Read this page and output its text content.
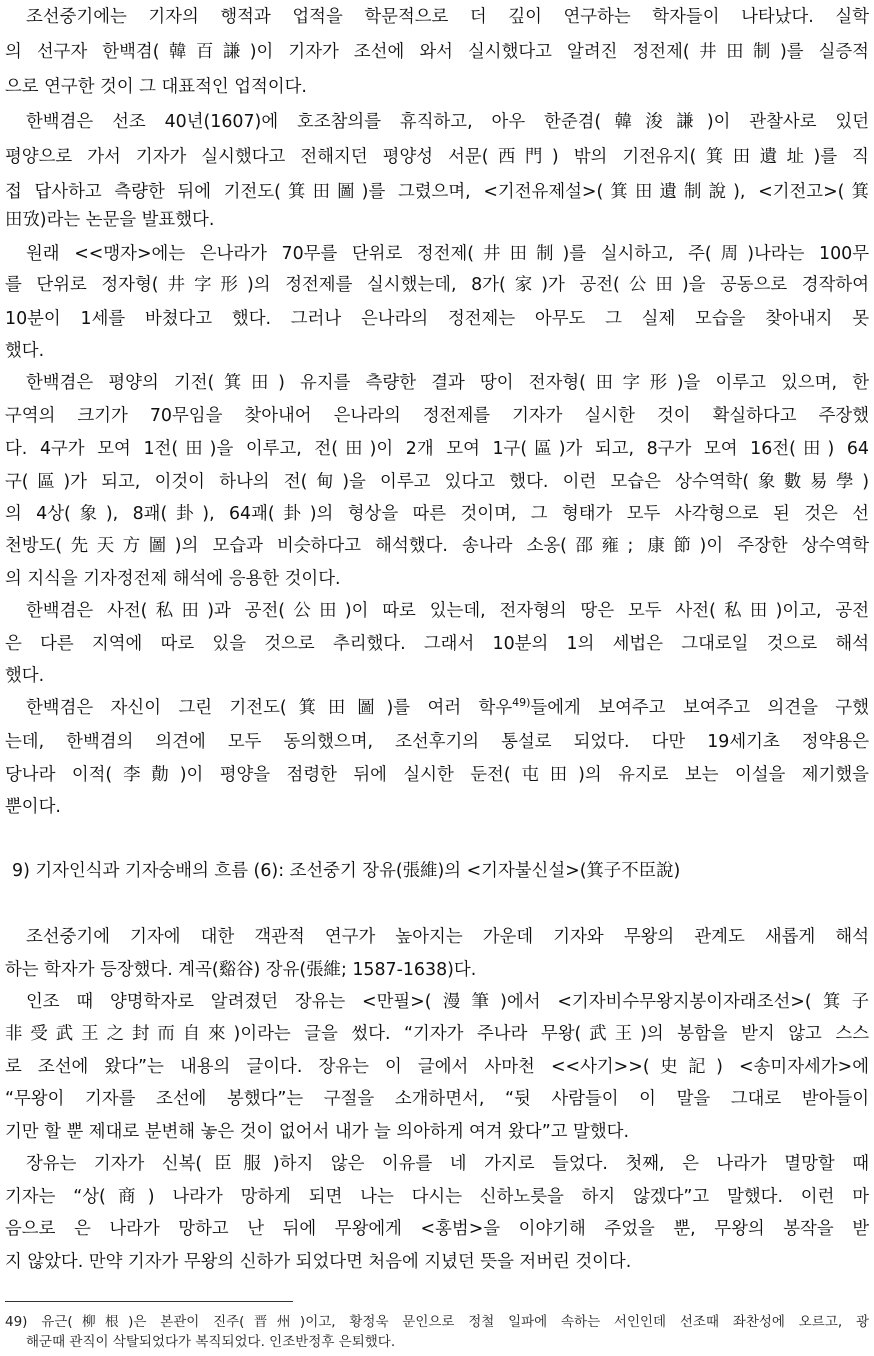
조선중기에는 기자의 행적과 업적을 학문적으로 더 깊이 연구하는 학자들이 나타났다. 실학
의 선구자 한백겸(韓百謙)이 기자가 조선에 와서 실시했다고 알려진 정전제(井田制)를 실증적
으로 연구한 것이 그 대표적인 업적이다.
한백겸은 선조 40년(1607)에 호조참의를 휴직하고, 아우 한준겸(韓浚謙)이 관찰사로 있던
평양으로 가서 기자가 실시했다고 전해지던 평양성 서문(西門) 밖의 기전유지(箕田遺址)를 직
접 답사하고 측량한 뒤에 기전도(箕田圖)를 그렸으며, <기전유제설>(箕田遺制說), <기전고>(箕
田攷)라는 논문을 발표했다.
원래 <<맹자>에는 은나라가 70무를 단위로 정전제(井田制)를 실시하고, 주(周)나라는 100무
를 단위로 정자형(井字形)의 정전제를 실시했는데, 8가(家)가 공전(公田)을 공동으로 경작하여
10분이 1세를 바쳤다고 했다. 그러나 은나라의 정전제는 아무도 그 실제 모습을 찾아내지 못
했다.
한백겸은 평양의 기전(箕田) 유지를 측량한 결과 땅이 전자형(田字形)을 이루고 있으며, 한
구역의 크기가 70무임을 찾아내어 은나라의 정전제를 기자가 실시한 것이 확실하다고 주장했
다. 4구가 모여 1전(田)을 이루고, 전(田)이 2개 모여 1구(區)가 되고, 8구가 모여 16전(田) 64
구(區)가 되고, 이것이 하나의 전(甸)을 이루고 있다고 했다. 이런 모습은 상수역학(象數易學)
의 4상(象), 8괘(卦), 64괘(卦)의 형상을 따른 것이며, 그 형태가 모두 사각형으로 된 것은 선
천방도(先天方圖)의 모습과 비슷하다고 해석했다. 송나라 소옹(邵雍; 康節)이 주장한 상수역학
의 지식을 기자정전제 해석에 응용한 것이다.
한백겸은 사전(私田)과 공전(公田)이 따로 있는데, 전자형의 땅은 모두 사전(私田)이고, 공전
은 다른 지역에 따로 있을 것으로 추리했다. 그래서 10분의 1의 세법은 그대로일 것으로 해석
했다.
한백겸은 자신이 그린 기전도(箕田圖)를 여러 학우$^{49)}$들에게 보여주고 보여주고 의견을 구했
는데, 한백겸의 의견에 모두 동의했으며, 조선후기의 통설로 되었다. 다만 19세기초 정약용은
당나라 이적(李勣)이 평양을 점령한 뒤에 실시한 둔전(屯田)의 유지로 보는 이설을 제기했을
뿐이다.
9) 기자인식과 기자숭배의 흐름 (6): 조선중기 장유(張維)의 <기자불신설>(箕子不臣說)
조선중기에 기자에 대한 객관적 연구가 높아지는 가운데 기자와 무왕의 관계도 새롭게 해석
하는 학자가 등장했다. 계곡(谿谷) 장유(張維; 1587-1638)다.
인조 때 양명학자로 알려졌던 장유는 <만필>(漫筆)에서 <기자비수무왕지봉이자래조선>(箕子
非受武王之封而自來)이라는 글을 썼다. “기자가 주나라 무왕(武王)의 봉함을 받지 않고 스스
로 조선에 왔다”는 내용의 글이다. 장유는 이 글에서 사마천 <<사기>>(史記) <송미자세가>에
“무왕이 기자를 조선에 봉했다”는 구절을 소개하면서, “뒷 사람들이 이 말을 그대로 받아들이
기만 할 뿐 제대로 분변해 놓은 것이 없어서 내가 늘 의아하게 여겨 왔다”고 말했다.
장유는 기자가 신복(臣服)하지 않은 이유를 네 가지로 들었다. 첫째, 은 나라가 멸망할 때
기자는 “상(商) 나라가 망하게 되면 나는 다시는 신하노릇을 하지 않겠다”고 말했다. 이런 마
음으로 은 나라가 망하고 난 뒤에 무왕에게 <홍범>을 이야기해 주었을 뿐, 무왕의 봉작을 받
지 않았다. 만약 기자가 무왕의 신하가 되었다면 처음에 지녔던 뜻을 저버린 것이다.
49) 유근(柳根)은 본관이 진주(晋州)이고, 황정욱 문인으로 정철 일파에 속하는 서인인데 선조때 좌찬성에 오르고, 광
해군때 관직이 삭탈되었다가 복직되었다. 인조반정후 은퇴했다.
